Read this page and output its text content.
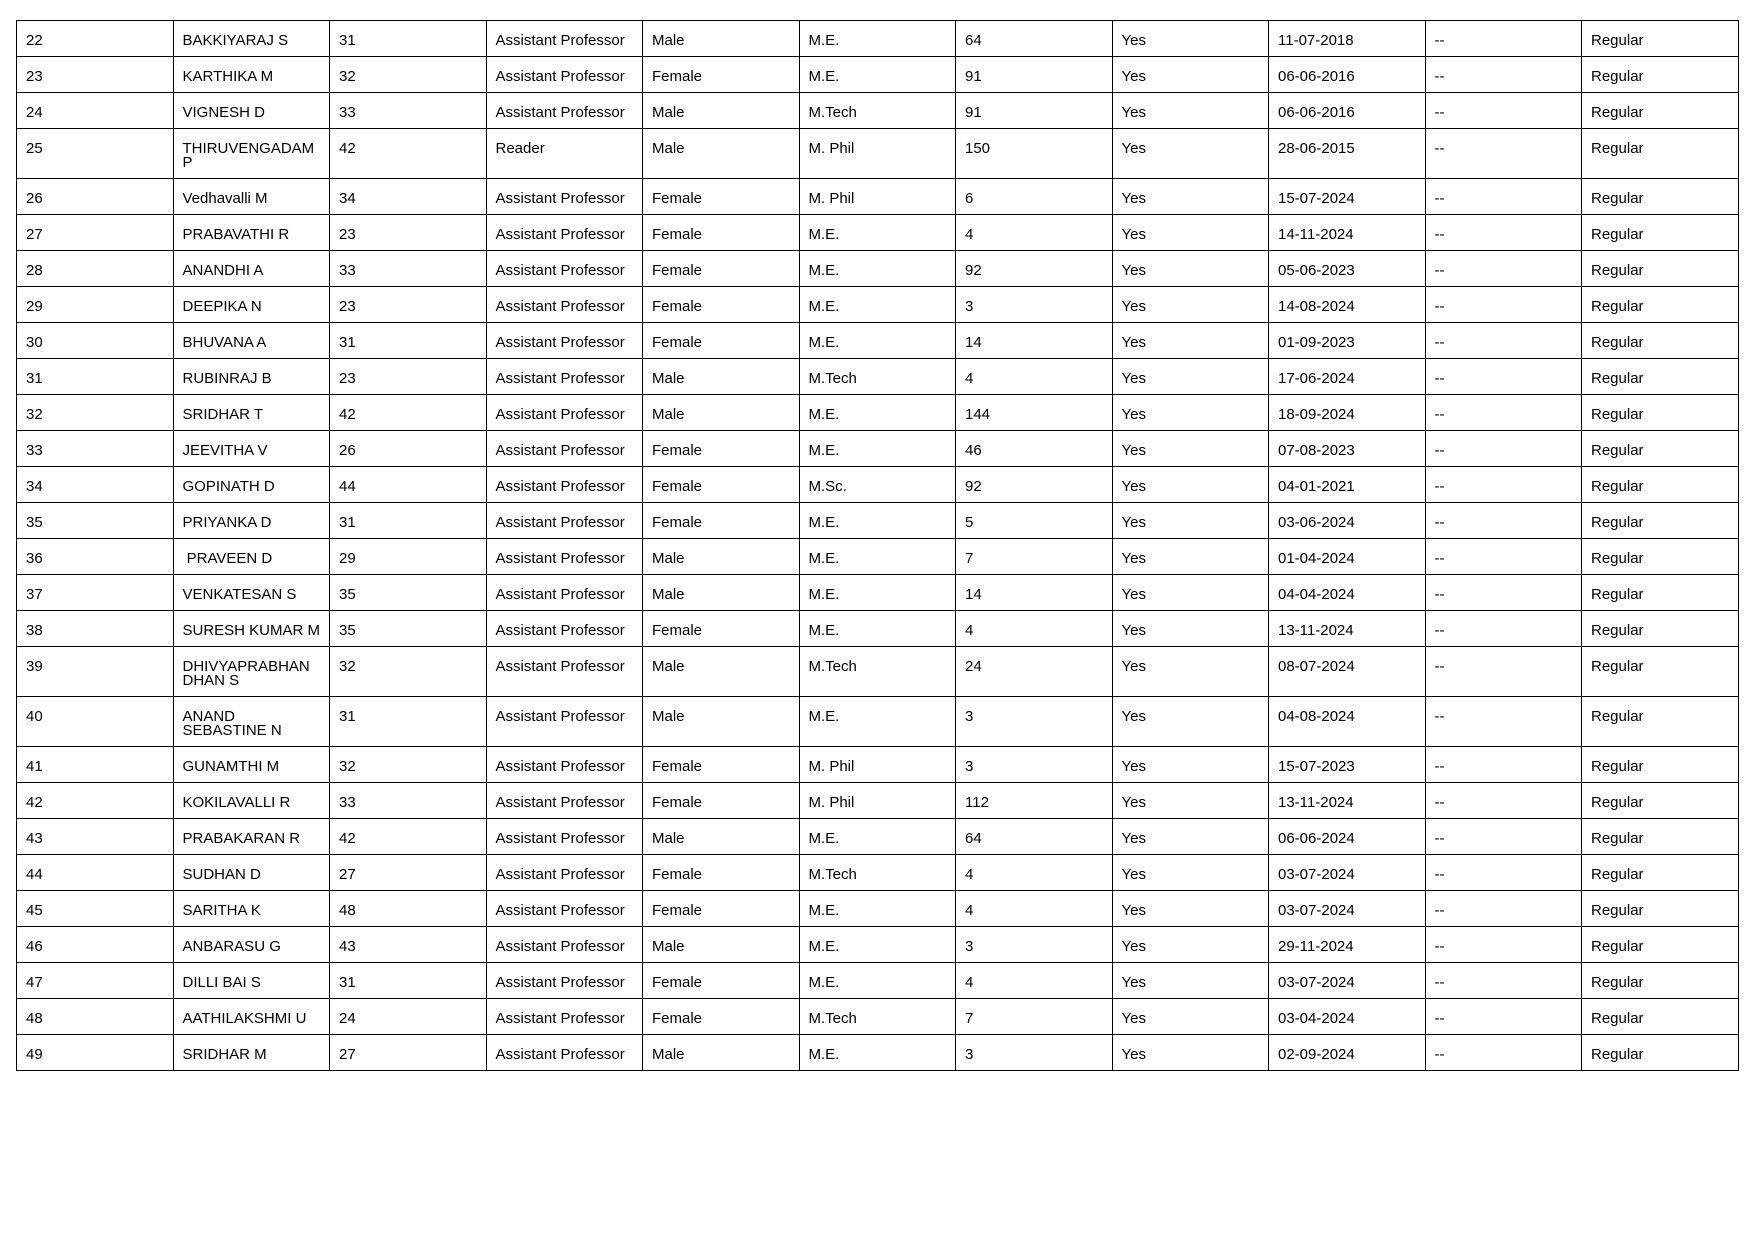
22	BAKKIYARAJ S	31	Assistant Professor	Male	M.E.	64	Yes	11-07-2018	--	Regular
23	KARTHIKA M	32	Assistant Professor	Female	M.E.	91	Yes	06-06-2016	--	Regular
24	VIGNESH D	33	Assistant Professor	Male	M.Tech	91	Yes	06-06-2016	--	Regular
25	THIRUVENGADAM P	42	Reader	Male	M. Phil	150	Yes	28-06-2015	--	Regular
26	Vedhavalli M	34	Assistant Professor	Female	M. Phil	6	Yes	15-07-2024	--	Regular
27	PRABAVATHI R	23	Assistant Professor	Female	M.E.	4	Yes	14-11-2024	--	Regular
28	ANANDHI A	33	Assistant Professor	Female	M.E.	92	Yes	05-06-2023	--	Regular
29	DEEPIKA N	23	Assistant Professor	Female	M.E.	3	Yes	14-08-2024	--	Regular
30	BHUVANA A	31	Assistant Professor	Female	M.E.	14	Yes	01-09-2023	--	Regular
31	RUBINRAJ B	23	Assistant Professor	Male	M.Tech	4	Yes	17-06-2024	--	Regular
32	SRIDHAR T	42	Assistant Professor	Male	M.E.	144	Yes	18-09-2024	--	Regular
33	JEEVITHA V	26	Assistant Professor	Female	M.E.	46	Yes	07-08-2023	--	Regular
34	GOPINATH D	44	Assistant Professor	Female	M.Sc.	92	Yes	04-01-2021	--	Regular
35	PRIYANKA D	31	Assistant Professor	Female	M.E.	5	Yes	03-06-2024	--	Regular
36	PRAVEEN D	29	Assistant Professor	Male	M.E.	7	Yes	01-04-2024	--	Regular
37	VENKATESAN S	35	Assistant Professor	Male	M.E.	14	Yes	04-04-2024	--	Regular
38	SURESH KUMAR M	35	Assistant Professor	Female	M.E.	4	Yes	13-11-2024	--	Regular
39	DHIVYAPRABHANDHAN S	32	Assistant Professor	Male	M.Tech	24	Yes	08-07-2024	--	Regular
40	ANAND SEBASTINE N	31	Assistant Professor	Male	M.E.	3	Yes	04-08-2024	--	Regular
41	GUNAMTHI M	32	Assistant Professor	Female	M. Phil	3	Yes	15-07-2023	--	Regular
42	KOKILAVALLI R	33	Assistant Professor	Female	M. Phil	112	Yes	13-11-2024	--	Regular
43	PRABAKARAN R	42	Assistant Professor	Male	M.E.	64	Yes	06-06-2024	--	Regular
44	SUDHAN D	27	Assistant Professor	Female	M.Tech	4	Yes	03-07-2024	--	Regular
45	SARITHA K	48	Assistant Professor	Female	M.E.	4	Yes	03-07-2024	--	Regular
46	ANBARASU G	43	Assistant Professor	Male	M.E.	3	Yes	29-11-2024	--	Regular
47	DILLI BAI S	31	Assistant Professor	Female	M.E.	4	Yes	03-07-2024	--	Regular
48	AATHILAKSHMI U	24	Assistant Professor	Female	M.Tech	7	Yes	03-04-2024	--	Regular
49	SRIDHAR M	27	Assistant Professor	Male	M.E.	3	Yes	02-09-2024	--	Regular
